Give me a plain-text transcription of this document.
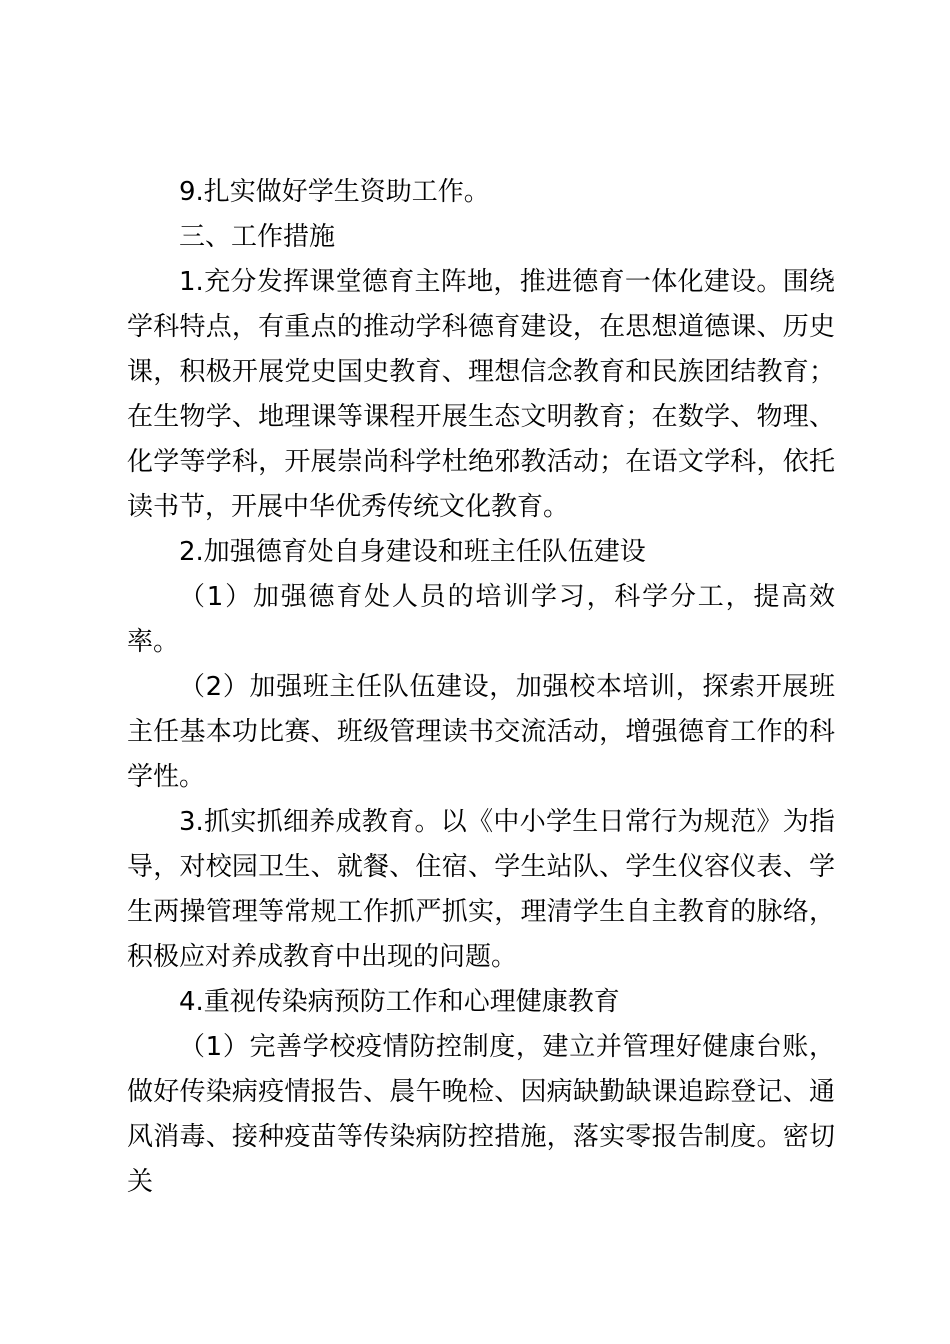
9.扎实做好学生资助工作。

三、工作措施

1.充分发挥课堂德育主阵地，推进德育一体化建设。围绕学科特点，有重点的推动学科德育建设，在思想道德课、历史课，积极开展党史国史教育、理想信念教育和民族团结教育；在生物学、地理课等课程开展生态文明教育；在数学、物理、化学等学科，开展崇尚科学杜绝邪教活动；在语文学科，依托读书节，开展中华优秀传统文化教育。

2.加强德育处自身建设和班主任队伍建设

（1）加强德育处人员的培训学习，科学分工，提高效率。

（2）加强班主任队伍建设，加强校本培训，探索开展班主任基本功比赛、班级管理读书交流活动，增强德育工作的科学性。

3.抓实抓细养成教育。以《中小学生日常行为规范》为指导，对校园卫生、就餐、住宿、学生站队、学生仪容仪表、学生两操管理等常规工作抓严抓实，理清学生自主教育的脉络，积极应对养成教育中出现的问题。

4.重视传染病预防工作和心理健康教育

（1）完善学校疫情防控制度，建立并管理好健康台账，做好传染病疫情报告、晨午晚检、因病缺勤缺课追踪登记、通风消毒、接种疫苗等传染病防控措施，落实零报告制度。密切关
